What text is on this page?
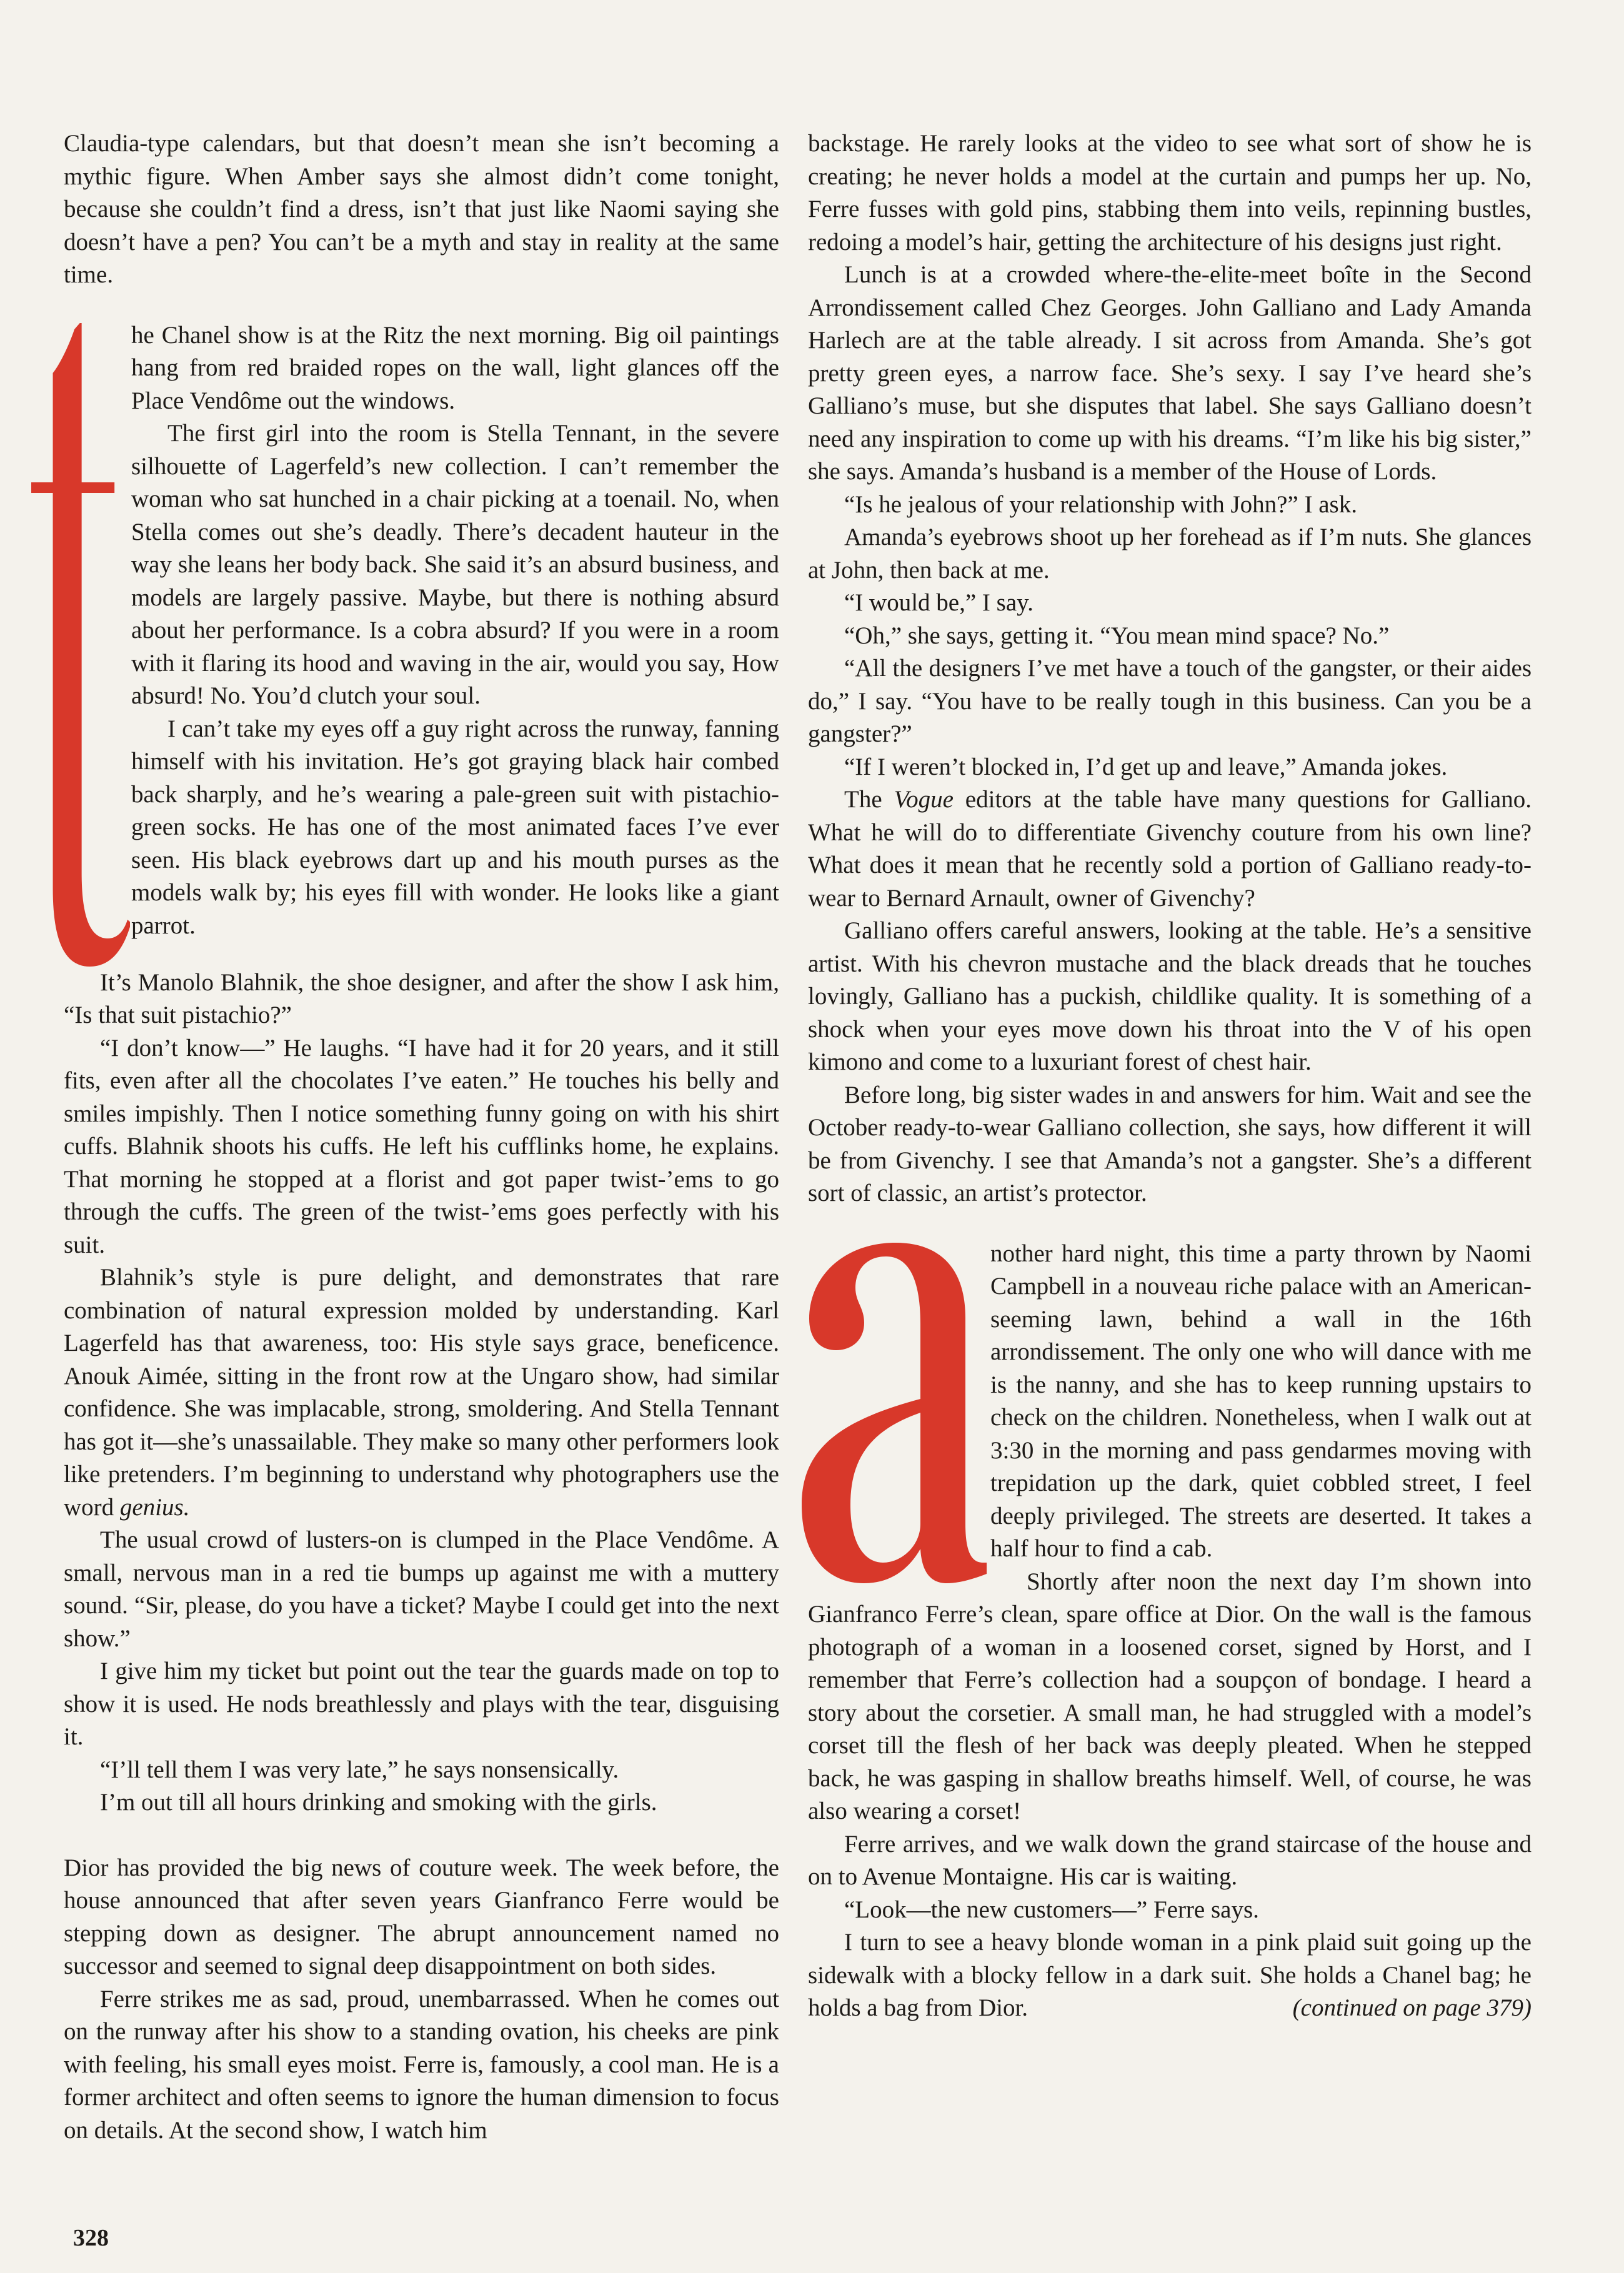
Claudia-type calendars, but that doesn’t mean she isn’t becoming a mythic figure. When Amber says she almost didn’t come tonight, because she couldn’t find a dress, isn’t that just like Naomi saying she doesn’t have a pen? You can’t be a myth and stay in reality at the same time.

he Chanel show is at the Ritz the next morning. Big oil paintings hang from red braided ropes on the wall, light glances off the Place Vendôme out the windows.

The first girl into the room is Stella Tennant, in the severe silhouette of Lagerfeld’s new collection. I can’t remember the woman who sat hunched in a chair picking at a toenail. No, when Stella comes out she’s deadly. There’s decadent hauteur in the way she leans her body back. She said it’s an absurd business, and models are largely passive. Maybe, but there is nothing absurd about her performance. Is a cobra absurd? If you were in a room with it flaring its hood and waving in the air, would you say, How absurd! No. You’d clutch your soul.

I can’t take my eyes off a guy right across the runway, fanning himself with his invitation. He’s got graying black hair combed back sharply, and he’s wearing a pale-green suit with pistachio-green socks. He has one of the most animated faces I’ve ever seen. His black eyebrows dart up and his mouth purses as the models walk by; his eyes fill with wonder. He looks like a giant parrot.

It’s Manolo Blahnik, the shoe designer, and after the show I ask him, “Is that suit pistachio?”

“I don’t know—” He laughs. “I have had it for 20 years, and it still fits, even after all the chocolates I’ve eaten.” He touches his belly and smiles impishly. Then I notice something funny going on with his shirt cuffs. Blahnik shoots his cuffs. He left his cufflinks home, he explains. That morning he stopped at a florist and got paper twist-’ems to go through the cuffs. The green of the twist-’ems goes perfectly with his suit.

Blahnik’s style is pure delight, and demonstrates that rare combination of natural expression molded by understanding. Karl Lagerfeld has that awareness, too: His style says grace, beneficence. Anouk Aimée, sitting in the front row at the Ungaro show, had similar confidence. She was implacable, strong, smoldering. And Stella Tennant has got it—she’s unassailable. They make so many other performers look like pretenders. I’m beginning to understand why photographers use the word genius.

The usual crowd of lusters-on is clumped in the Place Vendôme. A small, nervous man in a red tie bumps up against me with a muttery sound. “Sir, please, do you have a ticket? Maybe I could get into the next show.”

I give him my ticket but point out the tear the guards made on top to show it is used. He nods breathlessly and plays with the tear, disguising it.

“I’ll tell them I was very late,” he says nonsensically.

I’m out till all hours drinking and smoking with the girls.

Dior has provided the big news of couture week. The week before, the house announced that after seven years Gianfranco Ferre would be stepping down as designer. The abrupt announcement named no successor and seemed to signal deep disappointment on both sides.

Ferre strikes me as sad, proud, unembarrassed. When he comes out on the runway after his show to a standing ovation, his cheeks are pink with feeling, his small eyes moist. Ferre is, famously, a cool man. He is a former architect and often seems to ignore the human dimension to focus on details. At the second show, I watch him

backstage. He rarely looks at the video to see what sort of show he is creating; he never holds a model at the curtain and pumps her up. No, Ferre fusses with gold pins, stabbing them into veils, repinning bustles, redoing a model’s hair, getting the architecture of his designs just right.

Lunch is at a crowded where-the-elite-meet boîte in the Second Arrondissement called Chez Georges. John Galliano and Lady Amanda Harlech are at the table already. I sit across from Amanda. She’s got pretty green eyes, a narrow face. She’s sexy. I say I’ve heard she’s Galliano’s muse, but she disputes that label. She says Galliano doesn’t need any inspiration to come up with his dreams. “I’m like his big sister,” she says. Amanda’s husband is a member of the House of Lords.

“Is he jealous of your relationship with John?” I ask.

Amanda’s eyebrows shoot up her forehead as if I’m nuts. She glances at John, then back at me.

“I would be,” I say.

“Oh,” she says, getting it. “You mean mind space? No.”

“All the designers I’ve met have a touch of the gangster, or their aides do,” I say. “You have to be really tough in this business. Can you be a gangster?”

“If I weren’t blocked in, I’d get up and leave,” Amanda jokes.

The Vogue editors at the table have many questions for Galliano. What he will do to differentiate Givenchy couture from his own line? What does it mean that he recently sold a portion of Galliano ready-to-wear to Bernard Arnault, owner of Givenchy?

Galliano offers careful answers, looking at the table. He’s a sensitive artist. With his chevron mustache and the black dreads that he touches lovingly, Galliano has a puckish, childlike quality. It is something of a shock when your eyes move down his throat into the V of his open kimono and come to a luxuriant forest of chest hair.

Before long, big sister wades in and answers for him. Wait and see the October ready-to-wear Galliano collection, she says, how different it will be from Givenchy. I see that Amanda’s not a gangster. She’s a different sort of classic, an artist’s protector.

nother hard night, this time a party thrown by Naomi Campbell in a nouveau riche palace with an American-seeming lawn, behind a wall in the 16th arrondissement. The only one who will dance with me is the nanny, and she has to keep running upstairs to check on the children. Nonetheless, when I walk out at 3:30 in the morning and pass gendarmes moving with trepidation up the dark, quiet cobbled street, I feel deeply privileged. The streets are deserted. It takes a half hour to find a cab.

Shortly after noon the next day I’m shown into Gianfranco Ferre’s clean, spare office at Dior. On the wall is the famous photograph of a woman in a loosened corset, signed by Horst, and I remember that Ferre’s collection had a soupçon of bondage. I heard a story about the corsetier. A small man, he had struggled with a model’s corset till the flesh of her back was deeply pleated. When he stepped back, he was gasping in shallow breaths himself. Well, of course, he was also wearing a corset!

Ferre arrives, and we walk down the grand staircase of the house and on to Avenue Montaigne. His car is waiting.

“Look—the new customers—” Ferre says.

I turn to see a heavy blonde woman in a pink plaid suit going up the sidewalk with a blocky fellow in a dark suit. She holds a Chanel bag; he holds a bag from Dior.	(continued on page 379)

328
